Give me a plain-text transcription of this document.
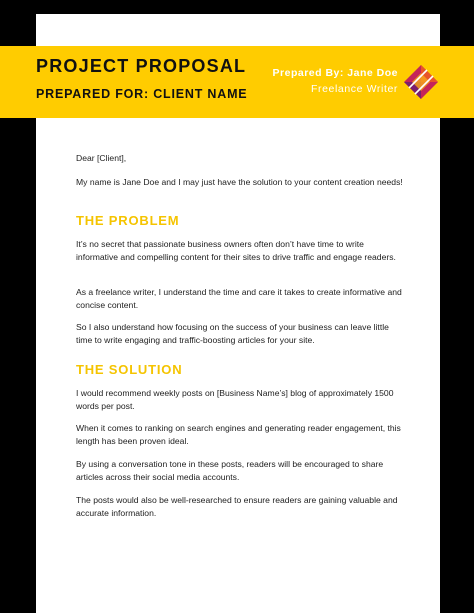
PROJECT PROPOSAL
PREPARED FOR: CLIENT NAME
Prepared By: Jane Doe
Freelance Writer

Dear [Client],

My name is Jane Doe and I may just have the solution to your content creation needs!

THE PROBLEM

It’s no secret that passionate business owners often don’t have time to write informative and compelling content for their sites to drive traffic and engage readers.

As a freelance writer, I understand the time and care it takes to create informative and concise content.

So I also understand how focusing on the success of your business can leave little time to write engaging and traffic-boosting articles for your site.

THE SOLUTION

I would recommend weekly posts on [Business Name’s] blog of approximately 1500 words per post.

When it comes to ranking on search engines and generating reader engagement, this length has been proven ideal.

By using a conversation tone in these posts, readers will be encouraged to share articles across their social media accounts.

The posts would also be well-researched to ensure readers are gaining valuable and accurate information.
